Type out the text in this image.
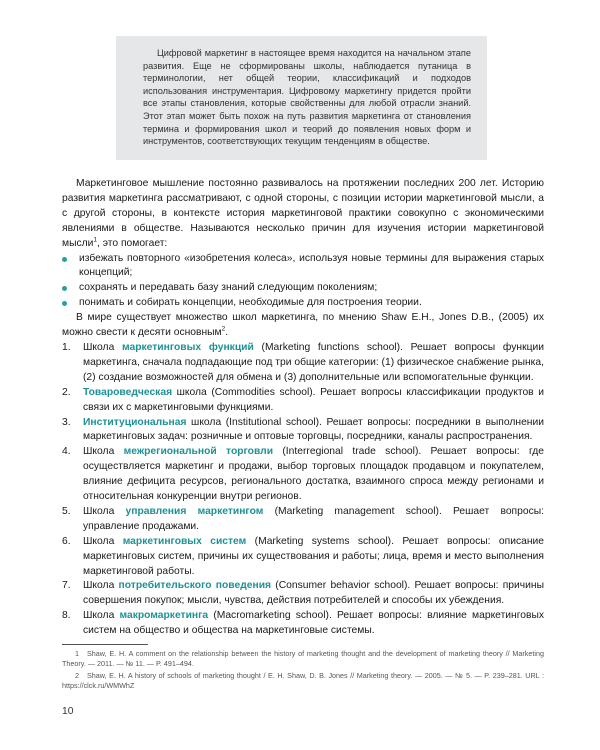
Цифровой маркетинг в настоящее время находится на начальном этапе развития. Еще не сформированы школы, наблюдается путаница в терминологии, нет общей теории, классификаций и подходов использования инструментария. Цифровому маркетингу придется пройти все этапы становления, которые свойственны для любой отрасли знаний. Этот этап может быть похож на путь развития маркетинга от становления термина и формирования школ и теорий до появления новых форм и инструментов, соответствующих текущим тенденциям в обществе.

Маркетинговое мышление постоянно развивалось на протяжении последних 200 лет. Историю развития маркетинга рассматривают, с одной стороны, с позиции истории маркетинговой мысли, а с другой стороны, в контексте история маркетинговой практики совокупно с экономическими явлениями в обществе. Называются несколько причин для изучения истории маркетинговой мысли$^1$, это помогает:

избежать повторного «изобретения колеса», используя новые термины для выражения старых концепций;
сохранять и передавать базу знаний следующим поколениям;
понимать и собирать концепции, необходимые для построения теории.

В мире существует множество школ маркетинга, по мнению Shaw E.H., Jones D.B., (2005) их можно свести к десяти основным$^2$.

1. Школа маркетинговых функций (Marketing functions school). Решает вопросы функции маркетинга, сначала подпадающие под три общие категории: (1) физическое снабжение рынка, (2) создание возможностей для обмена и (3) дополнительные или вспомогательные функции.
2. Товароведческая школа (Commodities school). Решает вопросы классификации продуктов и связи их с маркетинговыми функциями.
3. Институциональная школа (Institutional school). Решает вопросы: посредники в выполнении маркетинговых задач: розничные и оптовые торговцы, посредники, каналы распространения.
4. Школа межрегиональной торговли (Interregional trade school). Решает вопросы: где осуществляется маркетинг и продажи, выбор торговых площадок продавцом и покупателем, влияние дефицита ресурсов, регионального достатка, взаимного спроса между регионами и относительная конкуренции внутри регионов.
5. Школа управления маркетингом (Marketing management school). Решает вопросы: управление продажами.
6. Школа маркетинговых систем (Marketing systems school). Решает вопросы: описание маркетинговых систем, причины их существования и работы; лица, время и место выполнения маркетинговой работы.
7. Школа потребительского поведения (Consumer behavior school). Решает вопросы: причины совершения покупок; мысли, чувства, действия потребителей и способы их убеждения.
8. Школа макромаркетинга (Macromarketing school). Решает вопросы: влияние маркетинговых систем на общество и общества на маркетинговые системы.

1 Shaw, E. H. A comment on the relationship between the history of marketing thought and the development of marketing theory // Marketing Theory. — 2011. — № 11. — P. 491–494.

2 Shaw, E. H. A history of schools of marketing thought / E. H. Shaw, D. B. Jones // Marketing theory. — 2005. — № 5. — P. 239–281. URL : https://clck.ru/WMWhZ

10
